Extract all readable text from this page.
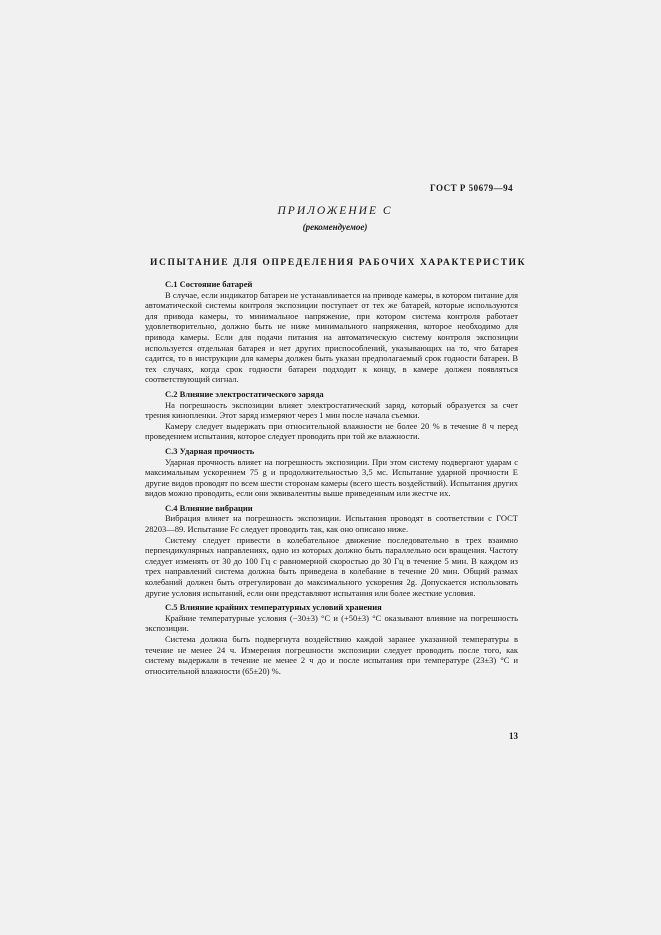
ГОСТ Р 50679—94
ПРИЛОЖЕНИЕ С
(рекомендуемое)
ИСПЫТАНИЕ ДЛЯ ОПРЕДЕЛЕНИЯ РАБОЧИХ ХАРАКТЕРИСТИК

С.1 Состояние батарей

В случае, если индикатор батареи не устанавливается на приводе камеры, в котором питание для автоматической системы контроля экспозиции поступает от тех же батарей, которые используются для привода камеры, то минимальное напряжение, при котором система контроля работает удовлетворительно, должно быть не ниже минимального напряжения, которое необходимо для привода камеры. Если для подачи питания на автоматическую систему контроля экспозиции используется отдельная батарея и нет других приспособлений, указывающих на то, что батарея садится, то в инструкции для камеры должен быть указан предполагаемый срок годности батареи. В тех случаях, когда срок годности батареи подходит к концу, в камере должен появляться соответствующий сигнал.

С.2 Влияние электростатического заряда

На погрешность экспозиции влияет электростатический заряд, который образуется за счет трения кинопленки. Этот заряд измеряют через 1 мин после начала съемки.

Камеру следует выдержать при относительной влажности не более 20 % в течение 8 ч перед проведением испытания, которое следует проводить при той же влажности.

С.3 Ударная прочность

Ударная прочность влияет на погрешность экспозиции. При этом систему подвергают ударам с максимальным ускорением 75 g и продолжительностью 3,5 мс. Испытание ударной прочности E другие видов проводят по всем шести сторонам камеры (всего шесть воздействий). Испытания других видов можно проводить, если они эквивалентны выше приведенным или жестче их.

С.4 Влияние вибрации

Вибрация влияет на погрешность экспозиции. Испытания проводят в соответствии с ГОСТ 28203—89. Испытание Fc следует проводить так, как оно описано ниже.

Систему следует привести в колебательное движение последовательно в трех взаимно перпендикулярных направлениях, одно из которых должно быть параллельно оси вращения. Частоту следует изменять от 30 до 100 Гц с равномерной скоростью до 30 Гц в течение 5 мин. В каждом из трех направлений система должна быть приведена в колебание в течение 20 мин. Общий размах колебаний должен быть отрегулирован до максимального ускорения 2g. Допускается использовать другие условия испытаний, если они представляют испытания или более жесткие условия.

С.5 Влияние крайних температурных условий хранения

Крайние температурные условия (−30±3) °С и (+50±3) °С оказывают влияние на погрешность экспозиции.

Система должна быть подвергнута воздействию каждой заранее указанной температуры в течение не менее 24 ч. Измерения погрешности экспозиции следует проводить после того, как систему выдержали в течение не менее 2 ч до и после испытания при температуре (23±3) °С и относительной влажности (65±20) %.

13
